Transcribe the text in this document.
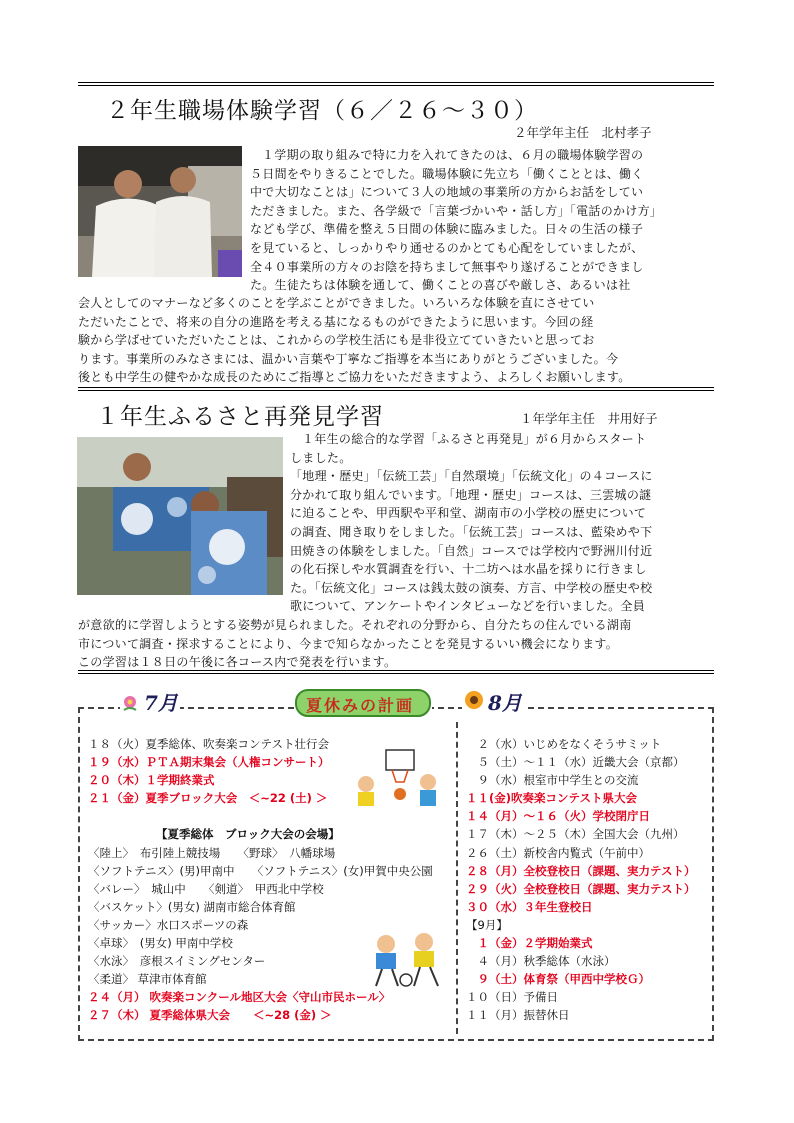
２年生職場体験学習（６／２６～３０）
２年学年主任　北村孝子

１学期の取り組みで特に力を入れてきたのは、６月の職場体験学習の

５日間をやりきることでした。職場体験に先立ち「働くこととは、働く

中で大切なことは」について３人の地域の事業所の方からお話をしてい

ただきました。また、各学級で「言葉づかいや・話し方」「電話のかけ方」

なども学び、準備を整え５日間の体験に臨みました。日々の生活の様子

を見ていると、しっかりやり通せるのかとても心配をしていましたが、

全４０事業所の方々のお陰を持ちまして無事やり遂げることができまし

た。生徒たちは体験を通して、働くことの喜びや厳しさ、あるいは社

会人としてのマナーなど多くのことを学ぶことができました。いろいろな体験を直にさせてい

ただいたことで、将来の自分の進路を考える基になるものができたように思います。今回の経

験から学ばせていただいたことは、これからの学校生活にも是非役立てていきたいと思ってお

ります。事業所のみなさまには、温かい言葉や丁寧なご指導を本当にありがとうございました。今

後とも中学生の健やかな成長のためにご指導とご協力をいただきますよう、よろしくお願いします。

１年生ふるさと再発見学習	１年学年主任　井用好子

１年生の総合的な学習「ふるさと再発見」が６月からスタート

しました。

「地理・歴史」「伝統工芸」「自然環境」「伝統文化」の４コースに

分かれて取り組んでいます。「地理・歴史」コースは、三雲城の謎

に迫ることや、甲西駅や平和堂、湖南市の小学校の歴史について

の調査、聞き取りをしました。「伝統工芸」コースは、藍染めや下

田焼きの体験をしました。「自然」コースでは学校内で野洲川付近

の化石探しや水質調査を行い、十二坊へは水晶を採りに行きまし

た。「伝統文化」コースは銭太鼓の演奏、方言、中学校の歴史や校

歌について、アンケートやインタビューなどを行いました。全員

が意欲的に学習しようとする姿勢が見られました。それぞれの分野から、自分たちの住んでいる湖南

市について調査・探求することにより、今まで知らなかったことを発見するいい機会になります。

この学習は１８日の午後に各コース内で発表を行います。

7月	夏休みの計画	8月
１８（火）夏季総体、吹奏楽コンテスト壮行会
１９（水）ＰＴＡ期末集会（人権コンサート）
２０（木）１学期終業式
２１（金）夏季ブロック大会　＜~22 (土) ＞
【夏季総体　ブロック大会の会場】
〈陸上〉　布引陸上競技場　　〈野球〉　八幡球場
〈ソフトテニス〉(男)甲南中　　〈ソフトテニス〉(女)甲賀中央公園
〈バレー〉　城山中　　〈剣道〉　甲西北中学校
〈バスケット〉(男女) 湖南市総合体育館
〈サッカー〉水口スポーツの森
〈卓球〉　(男女) 甲南中学校
〈水泳〉　彦根スイミングセンター
〈柔道〉 草津市体育館
２４（月） 吹奏楽コンクール地区大会〈守山市民ホール〉
２７（木） 夏季総体県大会　　＜~28 (金) ＞
　２（水）いじめをなくそうサミット
　５（土）～１１（水）近畿大会（京都）
　９（水）根室市中学生との交流
１１(金)吹奏楽コンテスト県大会
１４（月）～１６（火）学校閉庁日
１７（木）～２５（木）全国大会（九州）
２６（土）新校舎内覧式（午前中）
２８（月）全校登校日（課題、実力テスト）
２９（火）全校登校日（課題、実力テスト）
３０（水）３年生登校日
【9月】
　１（金）２学期始業式
　４（月）秋季総体（水泳）
　９（土）体育祭（甲西中学校Ｇ）
１０（日）予備日
１１（月）振替休日
